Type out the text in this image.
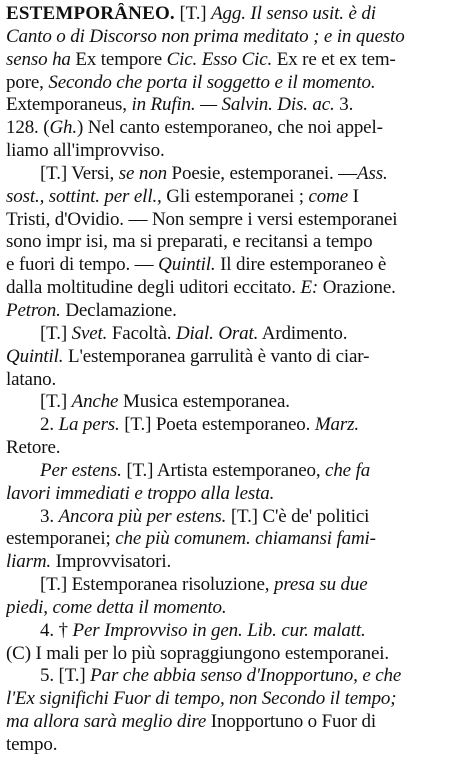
ESTEMPORÂNEO. [T.] Agg. Il senso usit. è di
Canto o di Discorso non prima meditato ; e in questo
senso ha Ex tempore Cic. Esso Cic. Ex re et ex tem-
pore, Secondo che porta il soggetto e il momento.
Extemporaneus, in Rufin. — Salvin. Dis. ac. 3.
128. (Gh.) Nel canto estemporaneo, che noi appel-
liamo all'improvviso.
[T.] Versi, se non Poesie, estemporanei. —Ass.
sost., sottint. per ell., Gli estemporanei ; come I
Tristi, d'Ovidio. — Non sempre i versi estemporanei
sono impr isi, ma si preparati, e recitansi a tempo
e fuori di tempo. — Quintil. Il dire estemporaneo è
dalla moltitudine degli uditori eccitato. E: Orazione.
Petron. Declamazione.
[T.] Svet. Facoltà. Dial. Orat. Ardimento.
Quintil. L'estemporanea garrulità è vanto di ciar-
latano.
[T.] Anche Musica estemporanea.
2. La pers. [T.] Poeta estemporaneo. Marz.
Retore.
Per estens. [T.] Artista estemporaneo, che fa
lavori immediati e troppo alla lesta.
3. Ancora più per estens. [T.] C'è de' politici
estemporanei; che più comunem. chiamansi fami-
liarm. Improvvisatori.
[T.] Estemporanea risoluzione, presa su due
piedi, come detta il momento.
4. † Per Improvviso in gen. Lib. cur. malatt.
(C) I mali per lo più sopraggiungono estemporanei.
5. [T.] Par che abbia senso d'Inopportuno, e che
l'Ex significhi Fuor di tempo, non Secondo il tempo;
ma allora sarà meglio dire Inopportuno o Fuor di
tempo.
